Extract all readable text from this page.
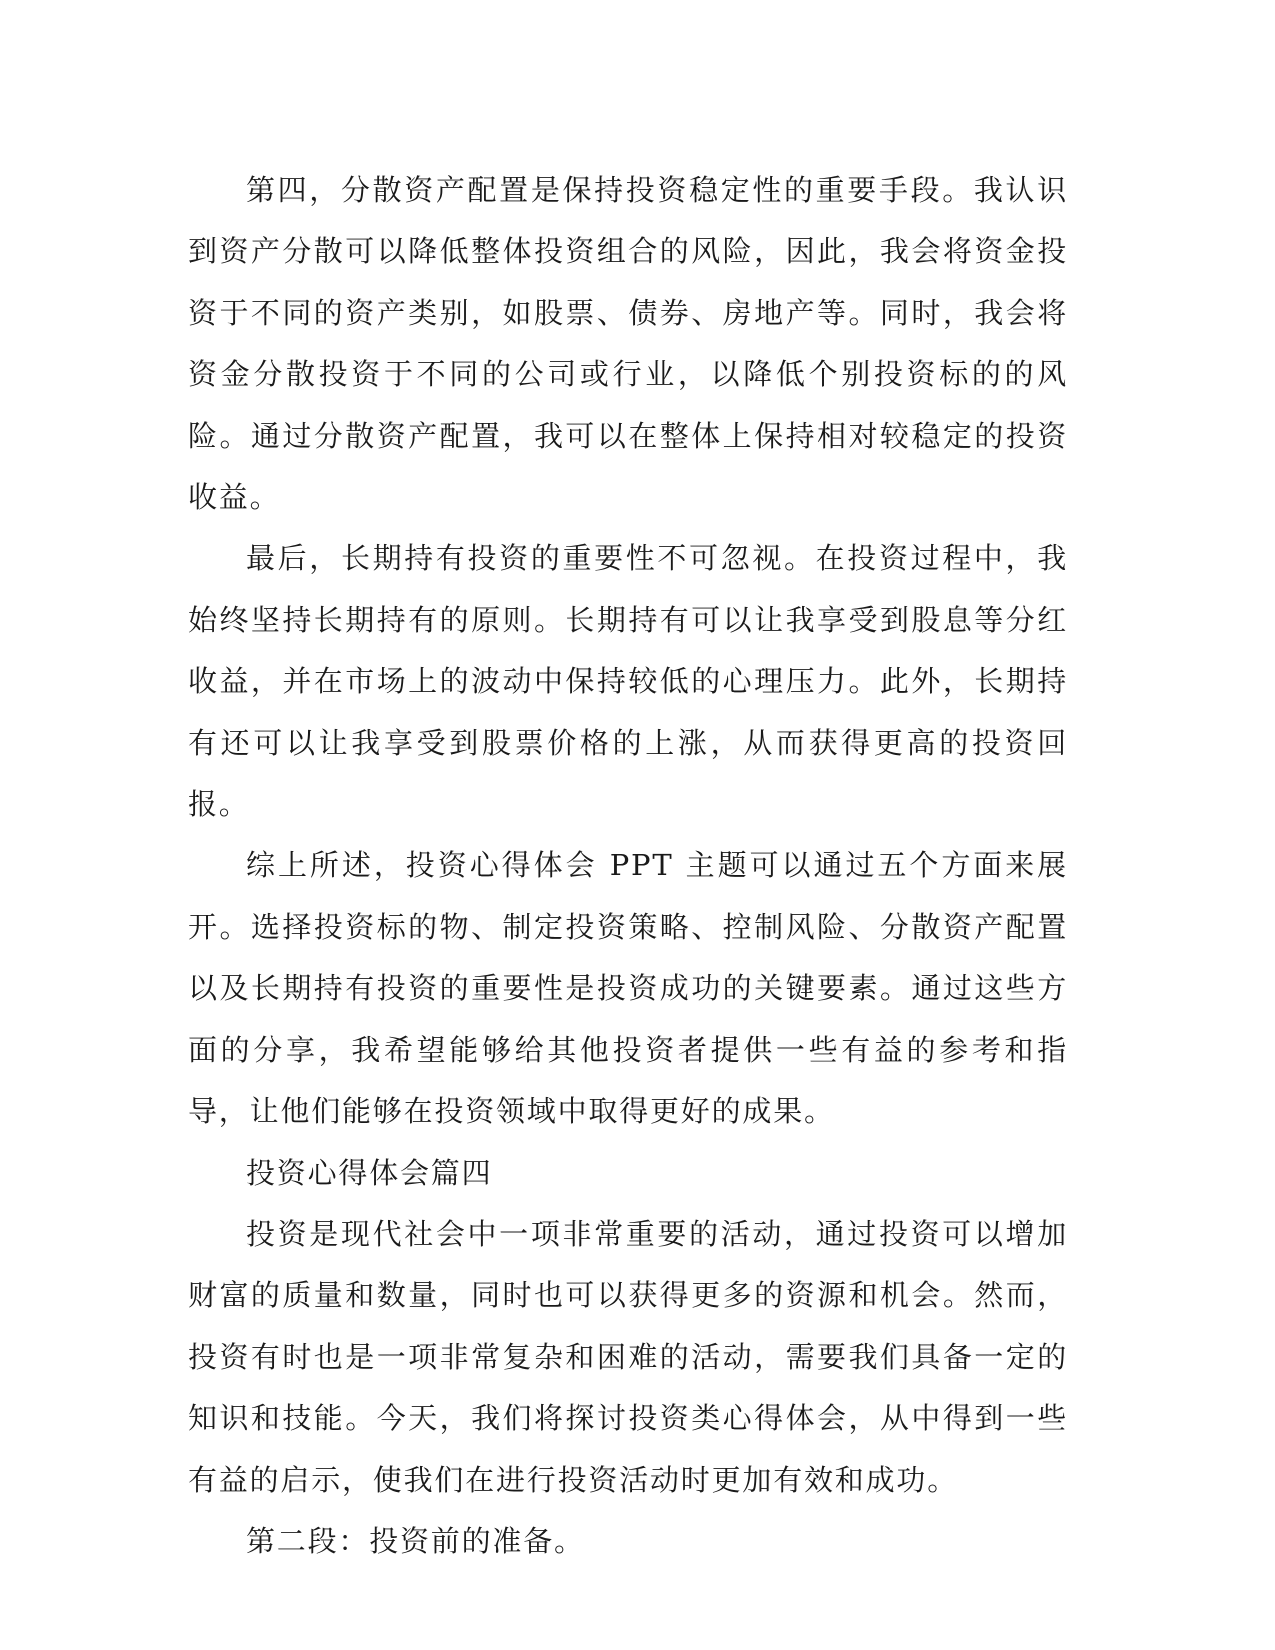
第四，分散资产配置是保持投资稳定性的重要手段。我认识到资产分散可以降低整体投资组合的风险，因此，我会将资金投资于不同的资产类别，如股票、债券、房地产等。同时，我会将资金分散投资于不同的公司或行业，以降低个别投资标的的风险。通过分散资产配置，我可以在整体上保持相对较稳定的投资收益。

最后，长期持有投资的重要性不可忽视。在投资过程中，我始终坚持长期持有的原则。长期持有可以让我享受到股息等分红收益，并在市场上的波动中保持较低的心理压力。此外，长期持有还可以让我享受到股票价格的上涨，从而获得更高的投资回报。

综上所述，投资心得体会 PPT 主题可以通过五个方面来展开。选择投资标的物、制定投资策略、控制风险、分散资产配置以及长期持有投资的重要性是投资成功的关键要素。通过这些方面的分享，我希望能够给其他投资者提供一些有益的参考和指导，让他们能够在投资领域中取得更好的成果。

投资心得体会篇四

投资是现代社会中一项非常重要的活动，通过投资可以增加财富的质量和数量，同时也可以获得更多的资源和机会。然而，投资有时也是一项非常复杂和困难的活动，需要我们具备一定的知识和技能。今天，我们将探讨投资类心得体会，从中得到一些有益的启示，使我们在进行投资活动时更加有效和成功。

第二段：投资前的准备。
